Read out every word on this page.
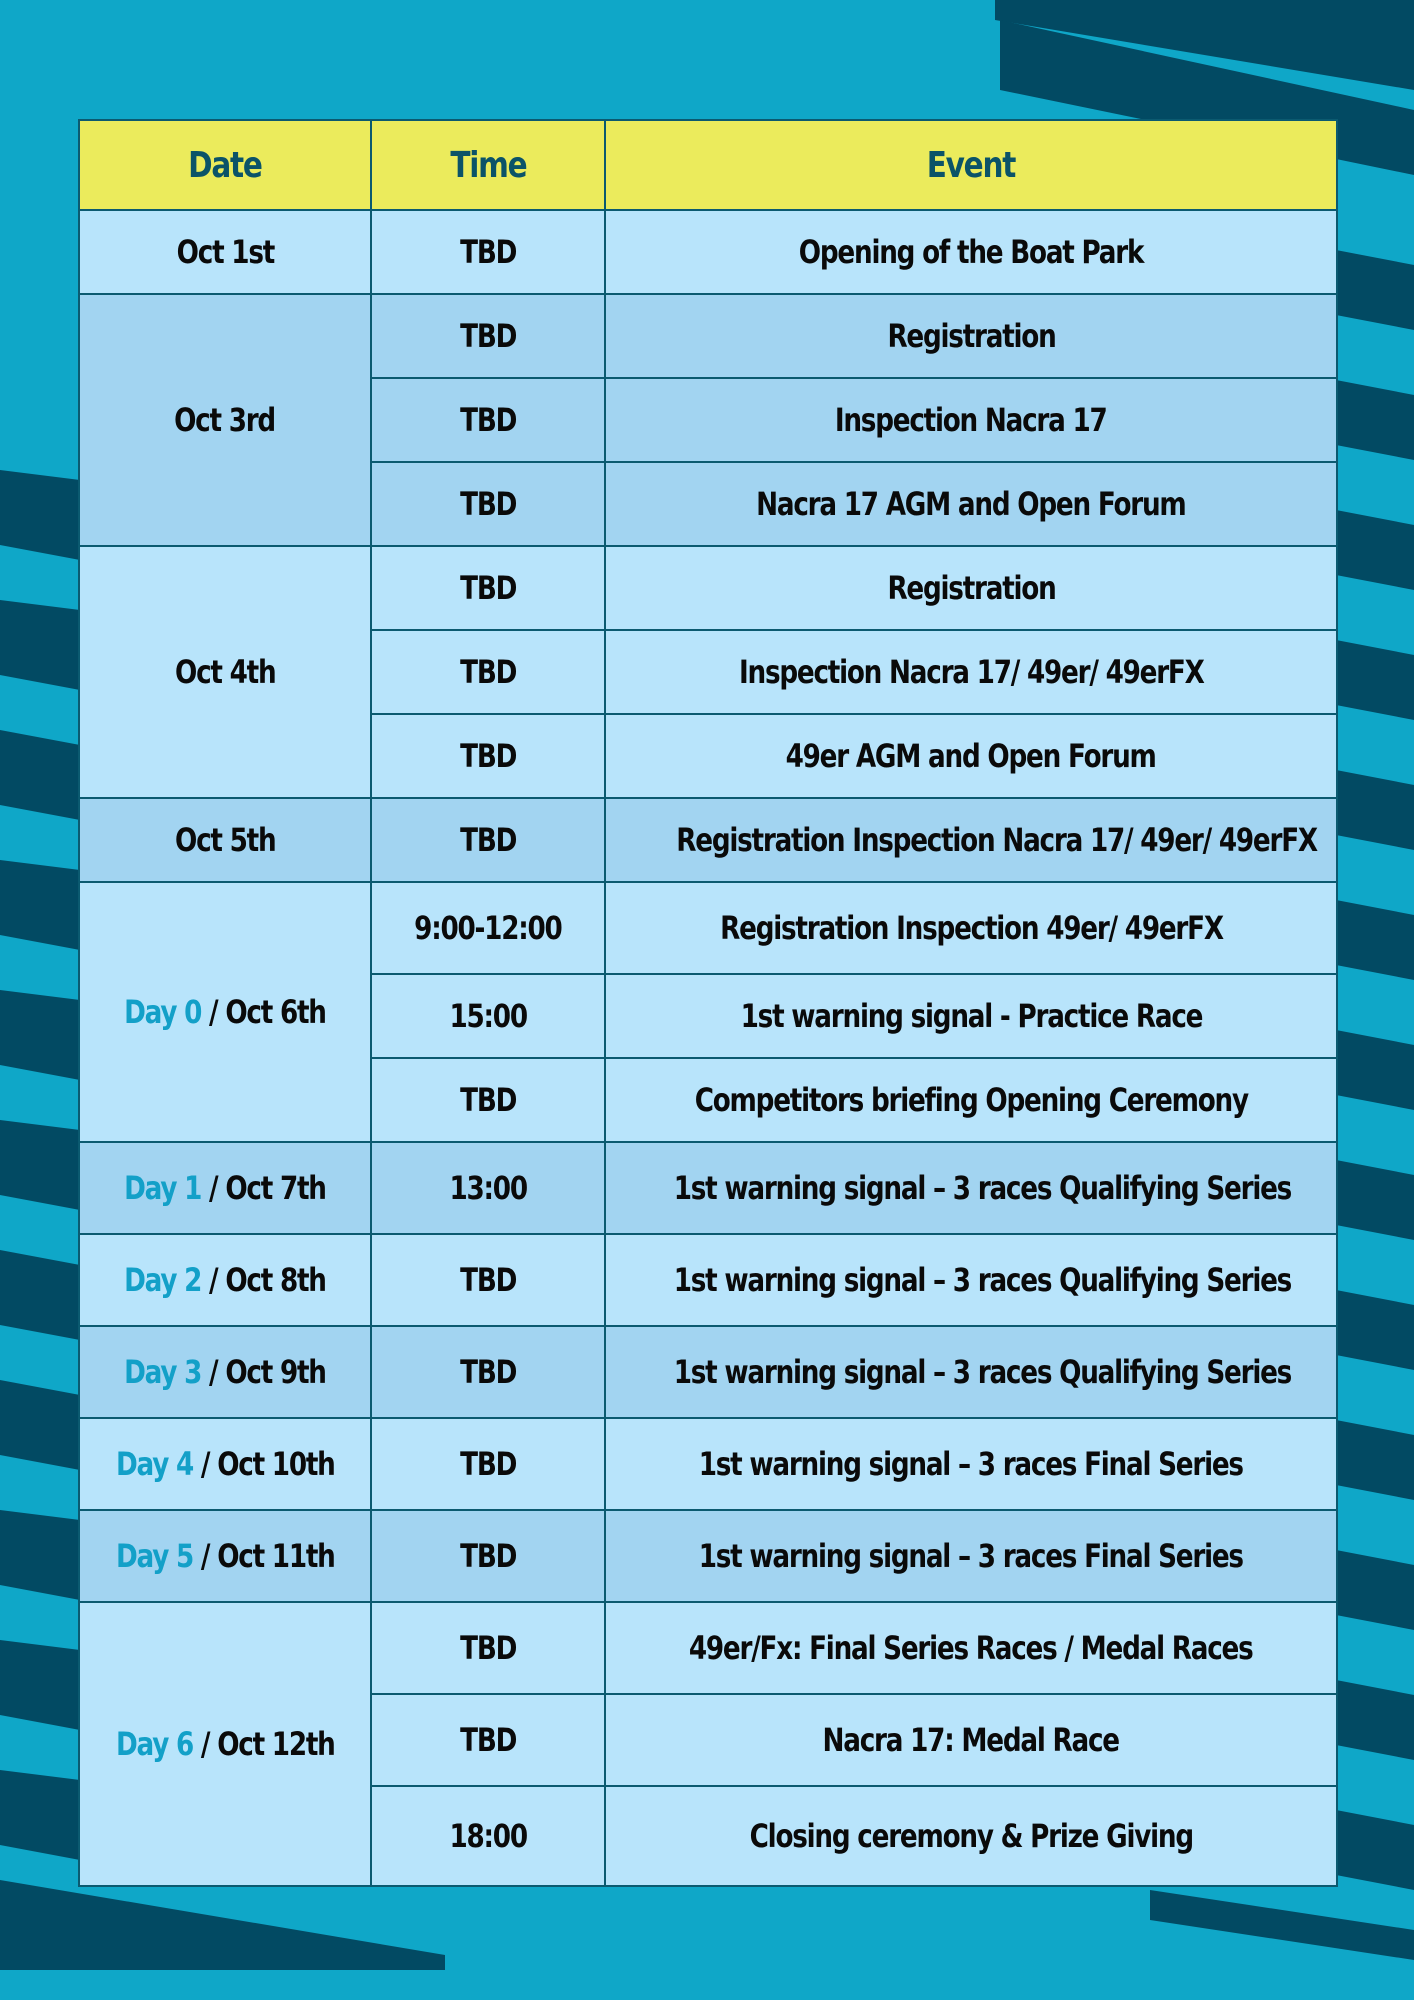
Date	Time	Event
Oct 1st	TBD	Opening of the Boat Park
Oct 3rd	TBD	Registration
	TBD	Inspection Nacra 17
	TBD	Nacra 17 AGM and Open Forum
Oct 4th	TBD	Registration
	TBD	Inspection Nacra 17/ 49er/ 49erFX
	TBD	49er AGM and Open Forum
Oct 5th	TBD	Registration Inspection Nacra 17/ 49er/ 49erFX
Day 0 / Oct 6th	9:00-12:00	Registration Inspection 49er/ 49erFX
	15:00	1st warning signal - Practice Race
	TBD	Competitors briefing Opening Ceremony
Day 1 / Oct 7th	13:00	1st warning signal – 3 races Qualifying Series
Day 2 / Oct 8th	TBD	1st warning signal – 3 races Qualifying Series
Day 3 / Oct 9th	TBD	1st warning signal – 3 races Qualifying Series
Day 4 / Oct 10th	TBD	1st warning signal – 3 races Final Series
Day 5 / Oct 11th	TBD	1st warning signal – 3 races Final Series
Day 6 / Oct 12th	TBD	49er/Fx: Final Series Races / Medal Races
	TBD	Nacra 17: Medal Race
	18:00	Closing ceremony & Prize Giving
